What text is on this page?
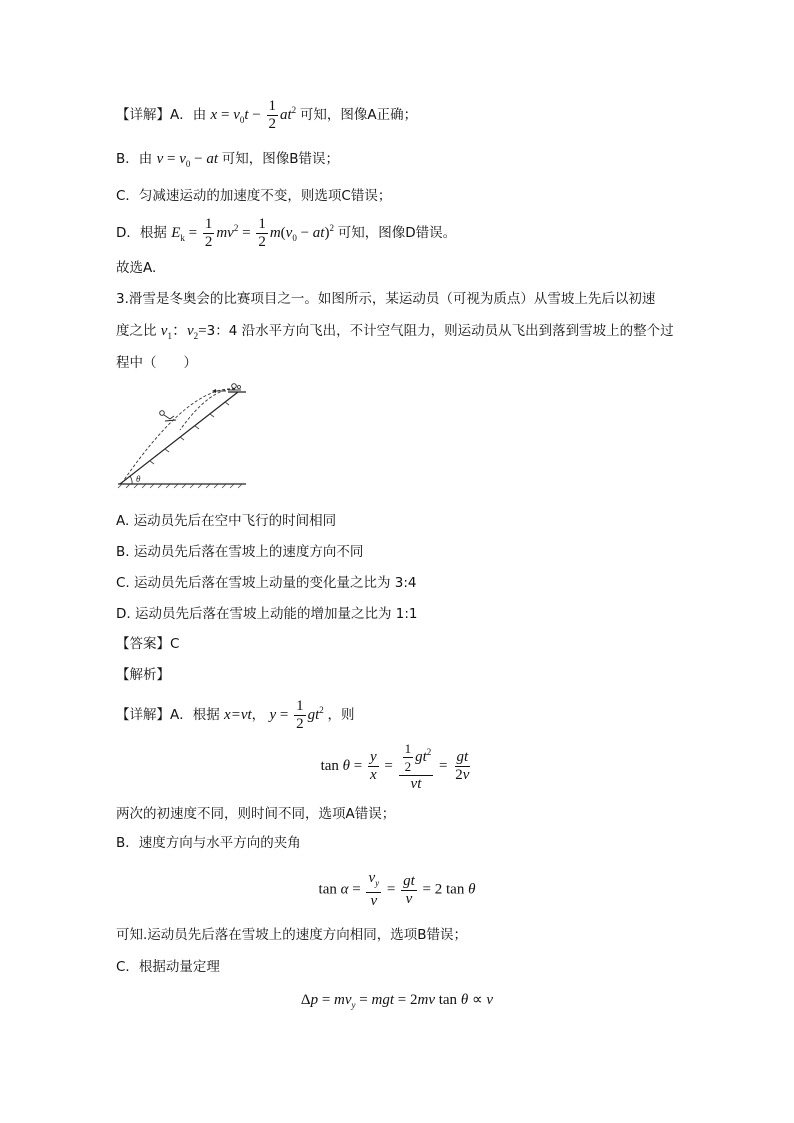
【详解】A．由 $x = v_0t - \frac{1}{2} at^2$ 可知，图像A正确；
B．由 $v = v_0$ − at 可知，图像B错误；
C．匀减速运动的加速度不变，则选项C错误；
D．根据 $E_k = \frac{1}{2} mv^2 = \frac{1}{2} m(v_0 - at)^2$ 可知，图像D错误。
故选A.
3.滑雪是冬奥会的比赛项目之一。如图所示，某运动员（可视为质点）从雪坡上先后以初速
度之比 $v_1$：$v_2=3$：4 沿水平方向飞出，不计空气阻力，则运动员从飞出到落到雪坡上的整个过
程中（　　）
θ
A. 运动员先后在空中飞行的时间相同
B. 运动员先后落在雪坡上的速度方向不同
C. 运动员先后落在雪坡上动量的变化量之比为 3:4
D. 运动员先后落在雪坡上动能的增加量之比为 1:1
【答案】C
【解析】
【详解】A．根据 x=vt， $y = \frac{1}{2} gt^2$ ，则
$\tan \theta = \frac{y}{x} = \frac{\frac{1}{2} gt^2}{vt} = \frac{gt}{2v}$
两次的初速度不同，则时间不同，选项A错误；
B．速度方向与水平方向的夹角
$\tan \alpha = \frac{v_y}{v} = \frac{gt}{v} = 2$ tan θ
可知.运动员先后落在雪坡上的速度方向相同，选项B错误；
C．根据动量定理
$\Delta p = mv_y$ = mgt = 2mv tan θ ∝ v
